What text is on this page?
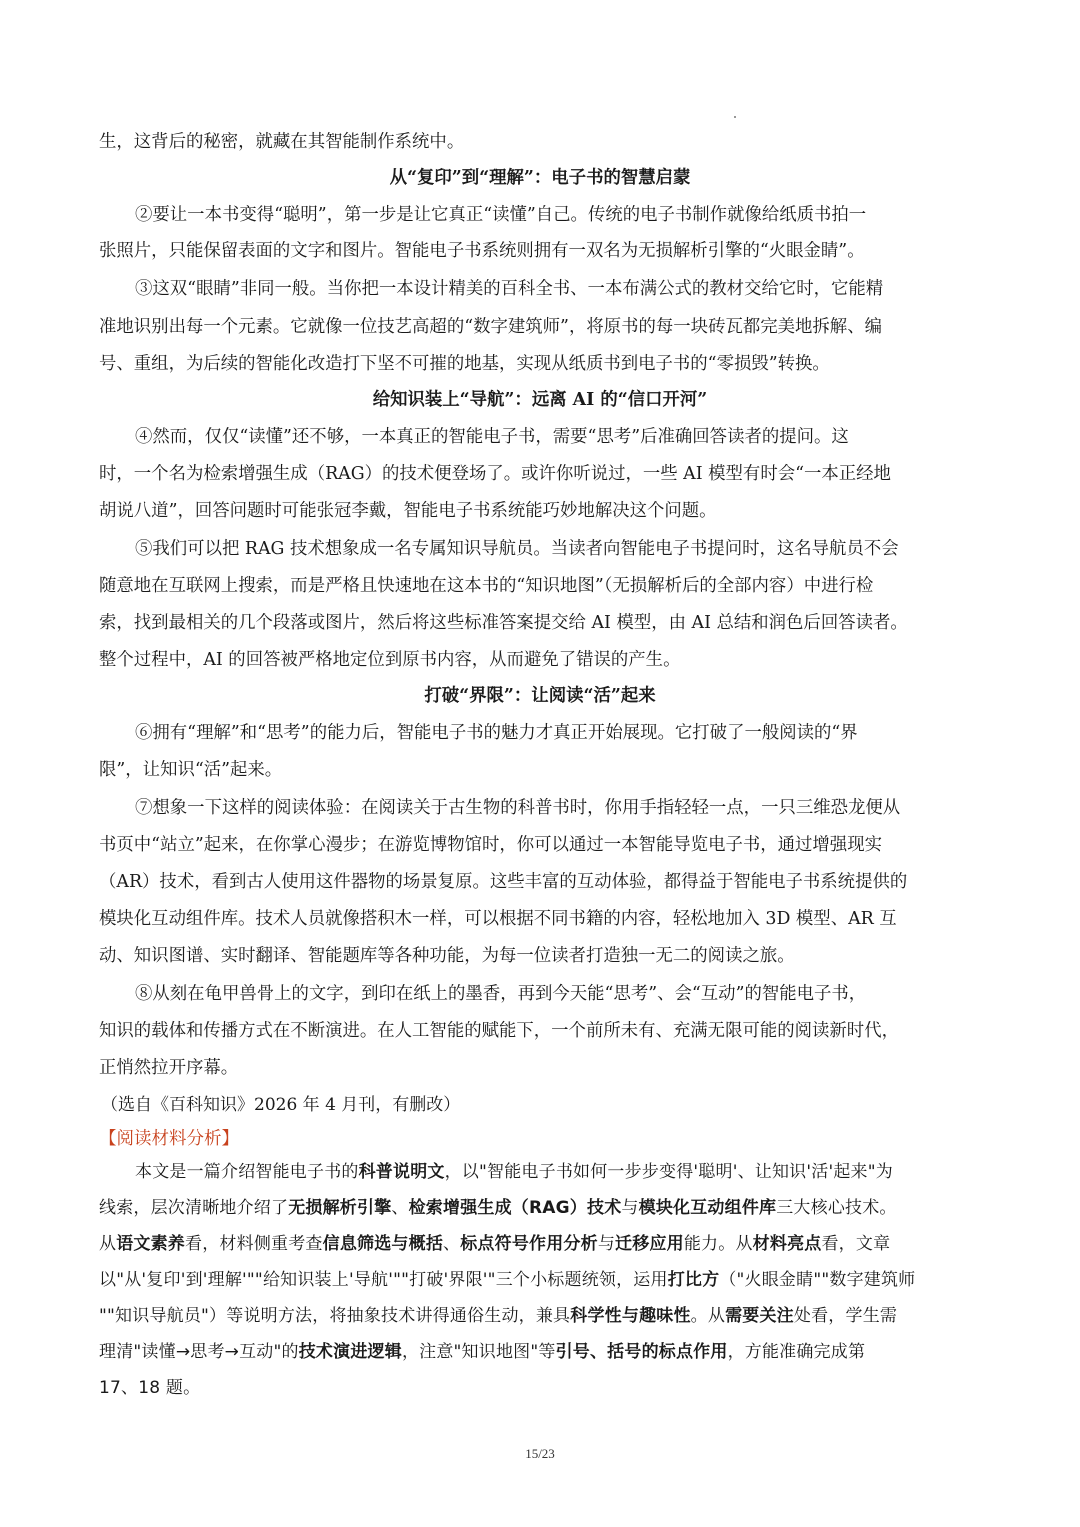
生，这背后的秘密，就藏在其智能制作系统中。
从“复印”到“理解”：电子书的智慧启蒙
②要让一本书变得“聪明”，第一步是让它真正“读懂”自己。传统的电子书制作就像给纸质书拍一
张照片，只能保留表面的文字和图片。智能电子书系统则拥有一双名为无损解析引擎的“火眼金睛”。
③这双“眼睛”非同一般。当你把一本设计精美的百科全书、一本布满公式的教材交给它时，它能精
准地识别出每一个元素。它就像一位技艺高超的“数字建筑师”，将原书的每一块砖瓦都完美地拆解、编
号、重组，为后续的智能化改造打下坚不可摧的地基，实现从纸质书到电子书的“零损毁”转换。
给知识装上“导航”：远离 AI 的“信口开河”
④然而，仅仅“读懂”还不够，一本真正的智能电子书，需要“思考”后准确回答读者的提问。这
时，一个名为检索增强生成（RAG）的技术便登场了。或许你听说过，一些 AI 模型有时会“一本正经地
胡说八道”，回答问题时可能张冠李戴，智能电子书系统能巧妙地解决这个问题。
⑤我们可以把 RAG 技术想象成一名专属知识导航员。当读者向智能电子书提问时，这名导航员不会
随意地在互联网上搜索，而是严格且快速地在这本书的“知识地图”（无损解析后的全部内容）中进行检
索，找到最相关的几个段落或图片，然后将这些标准答案提交给 AI 模型，由 AI 总结和润色后回答读者。
整个过程中，AI 的回答被严格地定位到原书内容，从而避免了错误的产生。
打破“界限”：让阅读“活”起来
⑥拥有“理解”和“思考”的能力后，智能电子书的魅力才真正开始展现。它打破了一般阅读的“界
限”，让知识“活”起来。
⑦想象一下这样的阅读体验：在阅读关于古生物的科普书时，你用手指轻轻一点，一只三维恐龙便从
书页中“站立”起来，在你掌心漫步；在游览博物馆时，你可以通过一本智能导览电子书，通过增强现实
（AR）技术，看到古人使用这件器物的场景复原。这些丰富的互动体验，都得益于智能电子书系统提供的
模块化互动组件库。技术人员就像搭积木一样，可以根据不同书籍的内容，轻松地加入 3D 模型、AR 互
动、知识图谱、实时翻译、智能题库等各种功能，为每一位读者打造独一无二的阅读之旅。
⑧从刻在龟甲兽骨上的文字，到印在纸上的墨香，再到今天能“思考”、会“互动”的智能电子书，
知识的载体和传播方式在不断演进。在人工智能的赋能下，一个前所未有、充满无限可能的阅读新时代，
正悄然拉开序幕。
（选自《百科知识》2026 年 4 月刊，有删改）
【阅读材料分析】
本文是一篇介绍智能电子书的科普说明文，以"智能电子书如何一步步变得'聪明'、让知识'活'起来"为
线索，层次清晰地介绍了无损解析引擎、检索增强生成（RAG）技术与模块化互动组件库三大核心技术。
从语文素养看，材料侧重考查信息筛选与概括、标点符号作用分析与迁移应用能力。从材料亮点看，文章
以"从'复印'到'理解'""给知识装上'导航'""打破'界限'"三个小标题统领，运用打比方（"火眼金睛""数字建筑师
""知识导航员"）等说明方法，将抽象技术讲得通俗生动，兼具科学性与趣味性。从需要关注处看，学生需
理清"读懂→思考→互动"的技术演进逻辑，注意"知识地图"等引号、括号的标点作用，方能准确完成第
17、18 题。
15/23
